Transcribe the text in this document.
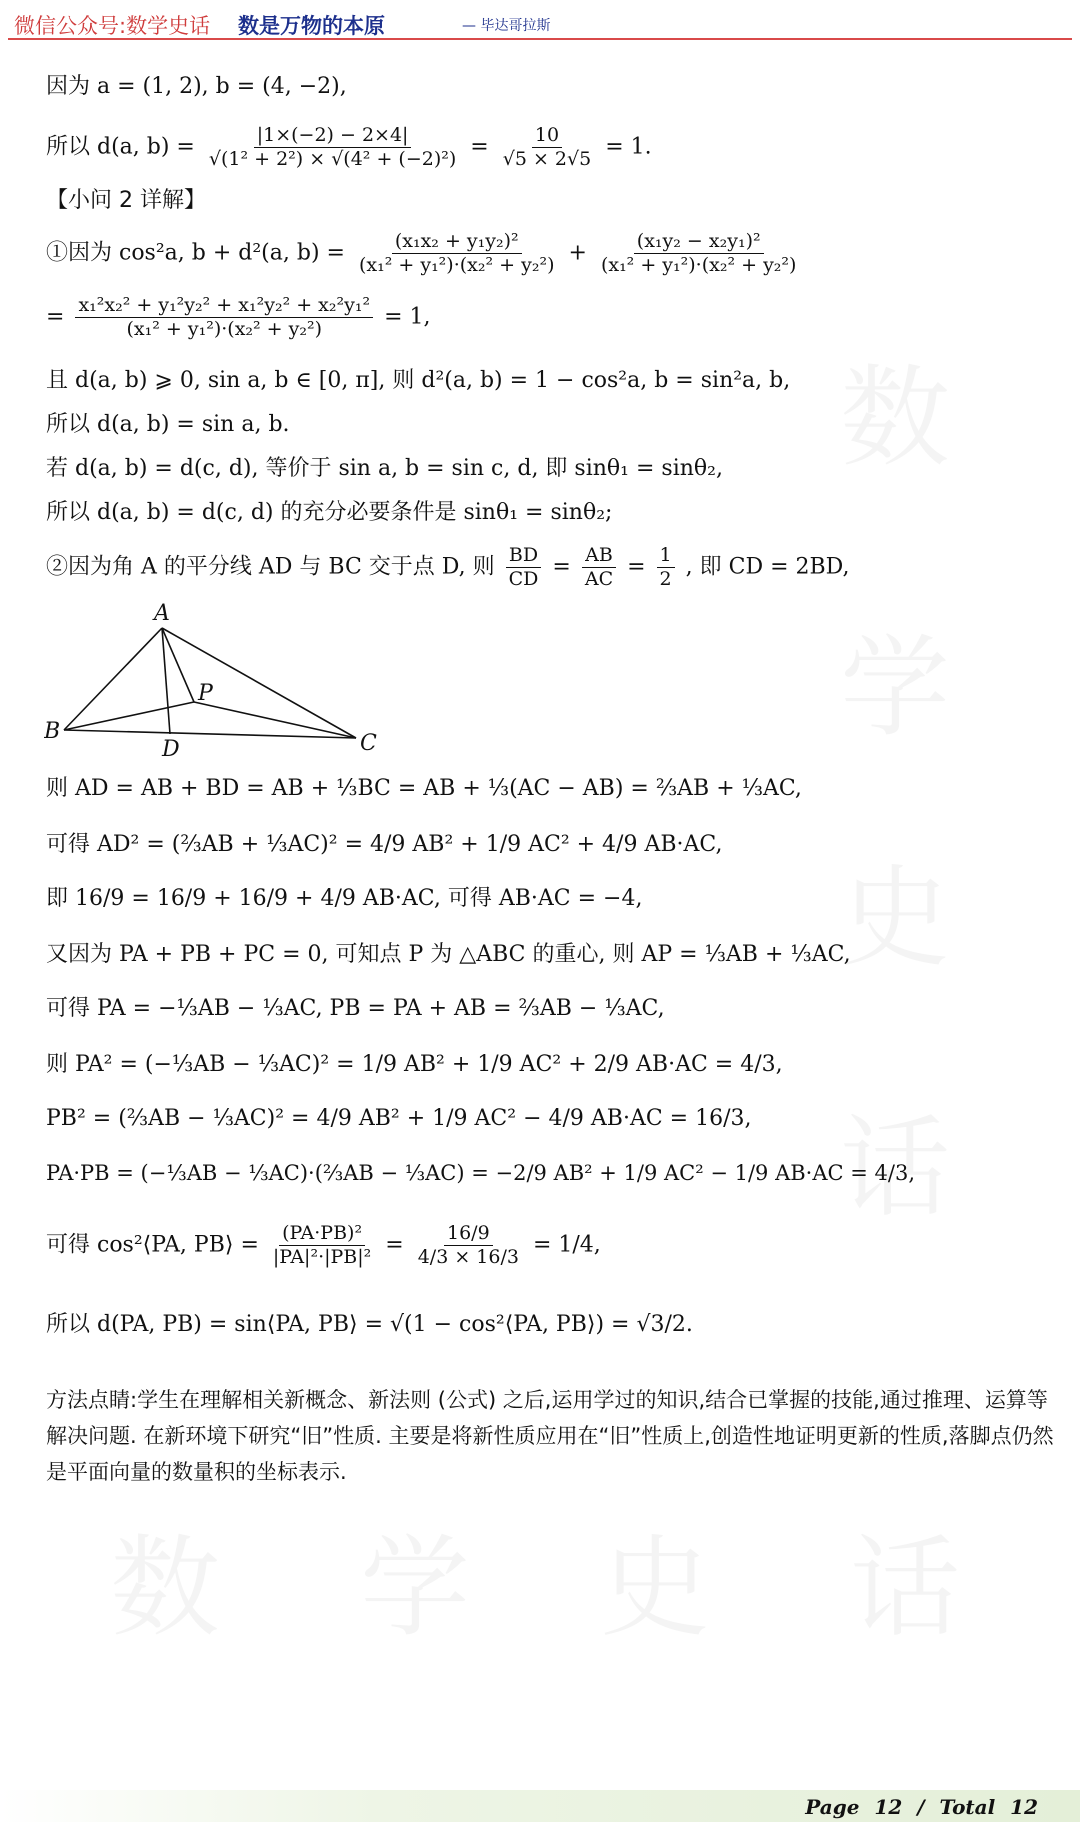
微信公众号:数学史话 数是万物的本原	— 毕达哥拉斯
因为 a = (1, 2), b = (4, −2),
所以 d(a, $b) = \frac{|1\times(-2) - 2\times 4|}{\text{√(1² + 2²) × √(4² + (−2)²)}} = \frac{10}{√5 \times 2√5} = 1$.
【小问 2 详解】
①因为 cos²a, b + d²(a, $b) = \frac{\text{(x₁x₂ + y₁y₂)²}}{\text{(x₁² + y₁²)·(x₂² + y₂²)}} + \frac{\text{(x₁y₂ − x₂y₁)²}}{\text{(x₁² + y₁²)·(x₂² + y₂²)}}$
= $\frac{\text{x₁²x₂² + y₁²y₂² + x₁²y₂² + x₂²y₁²}}{\text{(x₁² + y₁²)·(x₂² + y₂²)}} = 1$,
且 d(a, b) ⩾ 0, sin a, b ∈ [0, π], 则 d²(a, b) = 1 − cos²a, b = sin²a, b,
所以 d(a, b) = sin a, b.
若 d(a, b) = d(c, d), 等价于 sin a, b = sin c, d, 即 sinθ₁ = sinθ₂,
所以 d(a, b) = d(c, d) 的充分必要条件是 sinθ₁ = sinθ₂;
②因为角 A 的平分线 AD 与 BC 交于点 D, 则 $\frac{BD}{CD} = \frac{AB}{AC} = \frac{1}{2}$ , 即 CD = 2BD,
A
B	C
D
P
则 AD = AB + BD = AB + ⅓BC = AB + ⅓(AC − AB) = ⅔AB + ⅓AC,
可得 AD² = (⅔AB + ⅓AC)² = 4/9 AB² + 1/9 AC² + 4/9 AB·AC,
即 16/9 = 16/9 + 16/9 + 4/9 AB·AC, 可得 AB·AC = −4,
又因为 PA + PB + PC = 0, 可知点 P 为 △ABC 的重心, 则 AP = ⅓AB + ⅓AC,
可得 PA = −⅓AB − ⅓AC, PB = PA + AB = ⅔AB − ⅓AC,
则 PA² = (−⅓AB − ⅓AC)² = 1/9 AB² + 1/9 AC² + 2/9 AB·AC = 4/3,
PB² = (⅔AB − ⅓AC)² = 4/9 AB² + 1/9 AC² − 4/9 AB·AC = 16/3,
PA·PB = (−⅓AB − ⅓AC)·(⅔AB − ⅓AC) = −2/9 AB² + 1/9 AC² − 1/9 AB·AC = 4/3,
可得 cos²⟨PA, PB⟩ = $\frac{\text{(PA·PB)²}}{\text{|PA|²·|PB|²}} = \frac{16/9}{4/3 \times 16/3} = 1/4$,
所以 d(PA, PB) = sin⟨PA, PB⟩ = √(1 − cos²⟨PA, PB⟩) = √3/2.
方法点睛:学生在理解相关新概念、新法则 (公式) 之后,运用学过的知识,结合已掌握的技能,通过推理、运算等解决问题. 在新环境下研究“旧”性质. 主要是将新性质应用在“旧”性质上,创造性地证明更新的性质,落脚点仍然是平面向量的数量积的坐标表示.
Page 12 / Total 12
